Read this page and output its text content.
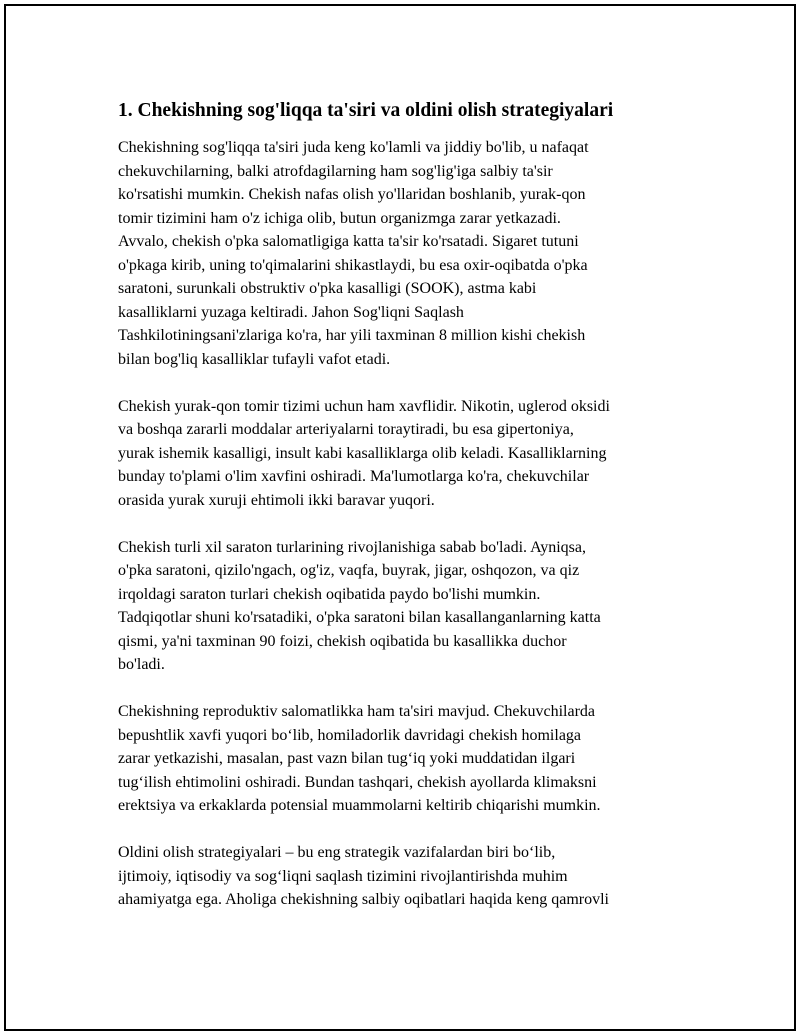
1. Chekishning sog'liqqa ta'siri va oldini olish strategiyalari

Chekishning sog'liqqa ta'siri juda keng ko'lamli va jiddiy bo'lib, u nafaqat
chekuvchilarning, balki atrofdagilarning ham sog'lig'iga salbiy ta'sir
ko'rsatishi mumkin. Chekish nafas olish yo'llaridan boshlanib, yurak-qon
tomir tizimini ham o'z ichiga olib, butun organizmga zarar yetkazadi.
Avvalo, chekish o'pka salomatligiga katta ta'sir ko'rsatadi. Sigaret tutuni
o'pkaga kirib, uning to'qimalarini shikastlaydi, bu esa oxir-oqibatda o'pka
saratoni, surunkali obstruktiv o'pka kasalligi (SOOK), astma kabi
kasalliklarni yuzaga keltiradi. Jahon Sog'liqni Saqlash
Tashkilotiningsani'zlariga ko'ra, har yili taxminan 8 million kishi chekish
bilan bog'liq kasalliklar tufayli vafot etadi.

Chekish yurak-qon tomir tizimi uchun ham xavflidir. Nikotin, uglerod oksidi
va boshqa zararli moddalar arteriyalarni toraytiradi, bu esa gipertoniya,
yurak ishemik kasalligi, insult kabi kasalliklarga olib keladi. Kasalliklarning
bunday to'plami o'lim xavfini oshiradi. Ma'lumotlarga ko'ra, chekuvchilar
orasida yurak xuruji ehtimoli ikki baravar yuqori.

Chekish turli xil saraton turlarining rivojlanishiga sabab bo'ladi. Ayniqsa,
o'pka saratoni, qizilo'ngach, og'iz, vaqfa, buyrak, jigar, oshqozon, va qiz
irqoldagi saraton turlari chekish oqibatida paydo bo'lishi mumkin.
Tadqiqotlar shuni ko'rsatadiki, o'pka saratoni bilan kasallanganlarning katta
qismi, ya'ni taxminan 90 foizi, chekish oqibatida bu kasallikka duchor
bo'ladi.

Chekishning reproduktiv salomatlikka ham ta'siri mavjud. Chekuvchilarda
bepushtlik xavfi yuqori bo‘lib, homiladorlik davridagi chekish homilaga
zarar yetkazishi, masalan, past vazn bilan tug‘iq yoki muddatidan ilgari
tug‘ilish ehtimolini oshiradi. Bundan tashqari, chekish ayollarda klimaksni
erektsiya va erkaklarda potensial muammolarni keltirib chiqarishi mumkin.

Oldini olish strategiyalari – bu eng strategik vazifalardan biri bo‘lib,
ijtimoiy, iqtisodiy va sog‘liqni saqlash tizimini rivojlantirishda muhim
ahamiyatga ega. Aholiga chekishning salbiy oqibatlari haqida keng qamrovli
